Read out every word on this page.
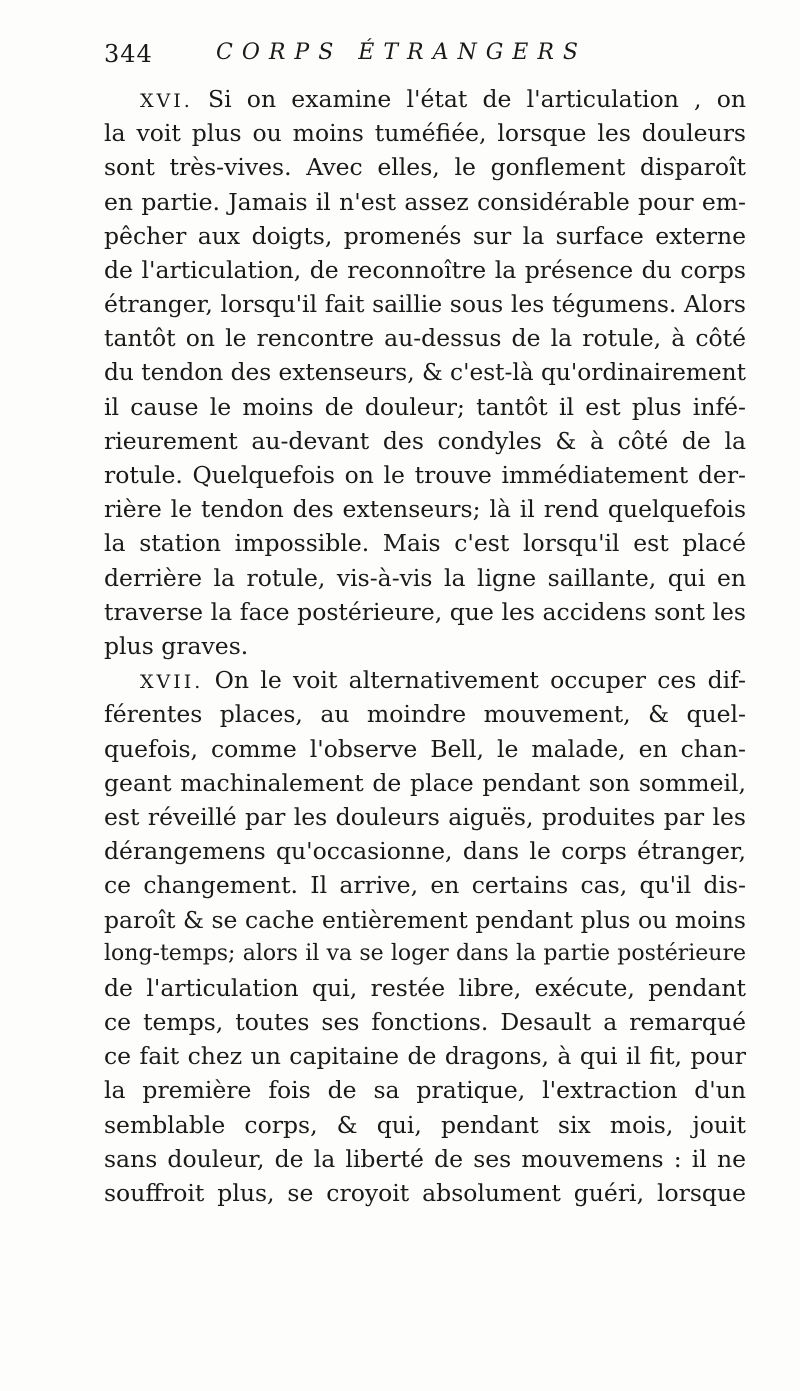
344	CORPS ÉTRANGERS
XVI. Si on examine l'état de l'articulation , on
la voit plus ou moins tuméfiée, lorsque les douleurs
sont très-vives. Avec elles, le gonflement disparoît
en partie. Jamais il n'est assez considérable pour em-
pêcher aux doigts, promenés sur la surface externe
de l'articulation, de reconnoître la présence du corps
étranger, lorsqu'il fait saillie sous les tégumens. Alors
tantôt on le rencontre au-dessus de la rotule, à côté
du tendon des extenseurs, & c'est-là qu'ordinairement
il cause le moins de douleur; tantôt il est plus infé-
rieurement au-devant des condyles & à côté de la
rotule. Quelquefois on le trouve immédiatement der-
rière le tendon des extenseurs; là il rend quelquefois
la station impossible. Mais c'est lorsqu'il est placé
derrière la rotule, vis-à-vis la ligne saillante, qui en
traverse la face postérieure, que les accidens sont les
plus graves.
XVII. On le voit alternativement occuper ces dif-
férentes places, au moindre mouvement, & quel-
quefois, comme l'observe Bell, le malade, en chan-
geant machinalement de place pendant son sommeil,
est réveillé par les douleurs aiguës, produites par les
dérangemens qu'occasionne, dans le corps étranger,
ce changement. Il arrive, en certains cas, qu'il dis-
paroît & se cache entièrement pendant plus ou moins
long-temps; alors il va se loger dans la partie postérieure
de l'articulation qui, restée libre, exécute, pendant
ce temps, toutes ses fonctions. Desault a remarqué
ce fait chez un capitaine de dragons, à qui il fit, pour
la première fois de sa pratique, l'extraction d'un
semblable corps, & qui, pendant six mois, jouit
sans douleur, de la liberté de ses mouvemens : il ne
souffroit plus, se croyoit absolument guéri, lorsque
